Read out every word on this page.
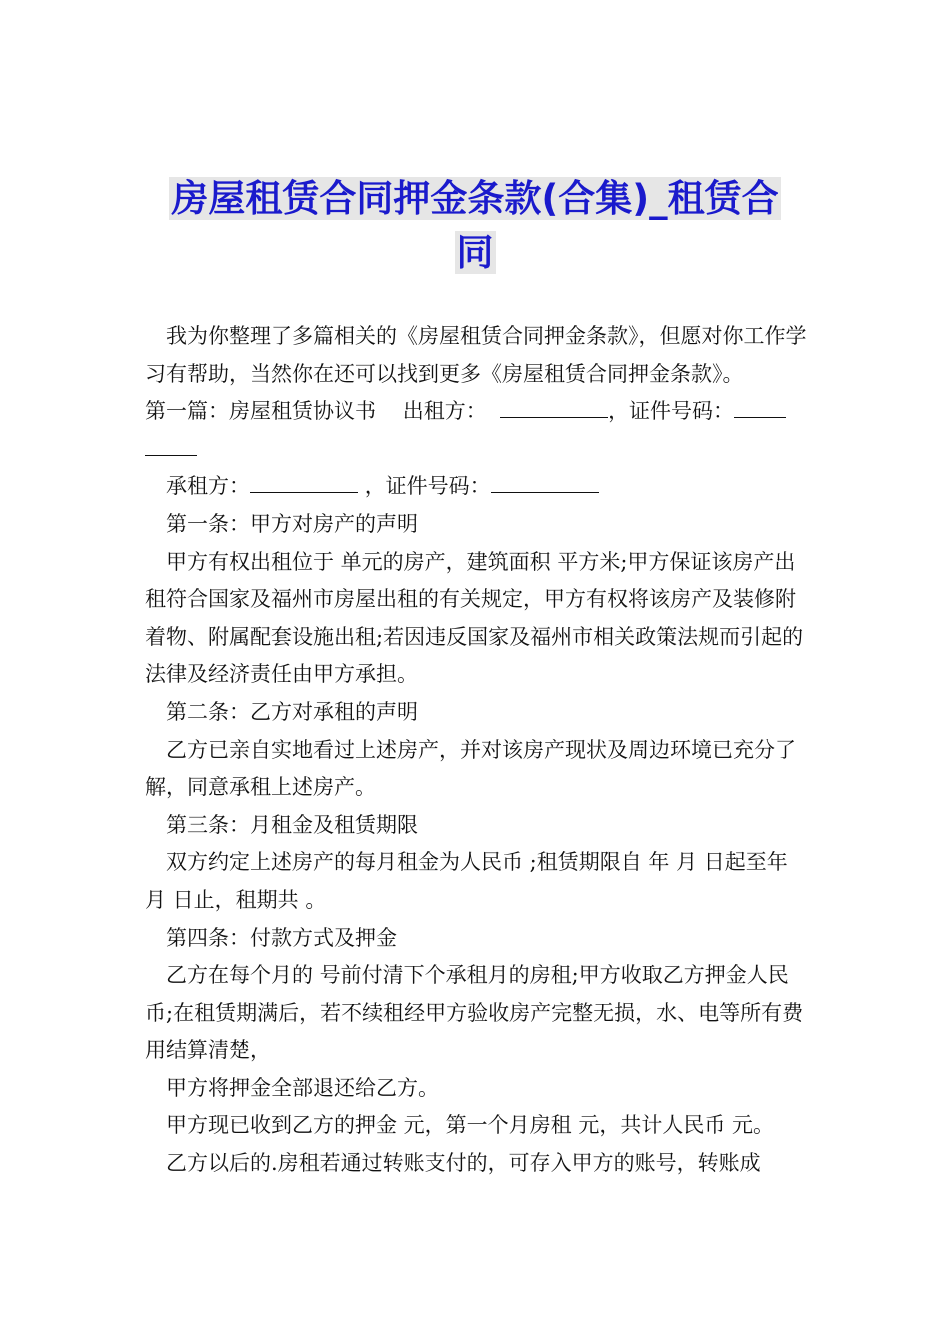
房屋租赁合同押金条款(合集)_租赁合
同

我为你整理了多篇相关的《房屋租赁合同押金条款》，但愿对你工作学习有帮助，当然你在还可以找到更多《房屋租赁合同押金条款》。

第一篇：房屋租赁协议书 出租方：	，证件号码：

承租方：	，证件号码：

第一条：甲方对房产的声明

甲方有权出租位于 单元的房产，建筑面积 平方米;甲方保证该房产出租符合国家及福州市房屋出租的有关规定，甲方有权将该房产及装修附着物、附属配套设施出租;若因违反国家及福州市相关政策法规而引起的法律及经济责任由甲方承担。

第二条：乙方对承租的声明

乙方已亲自实地看过上述房产，并对该房产现状及周边环境已充分了解，同意承租上述房产。

第三条：月租金及租赁期限

双方约定上述房产的每月租金为人民币 ;租赁期限自 年 月 日起至年 月 日止，租期共 。

第四条：付款方式及押金

乙方在每个月的 号前付清下个承租月的房租;甲方收取乙方押金人民币;在租赁期满后，若不续租经甲方验收房产完整无损，水、电等所有费用结算清楚，

甲方将押金全部退还给乙方。

甲方现已收到乙方的押金 元，第一个月房租 元，共计人民币 元。

乙方以后的.房租若通过转账支付的，可存入甲方的账号，转账成
